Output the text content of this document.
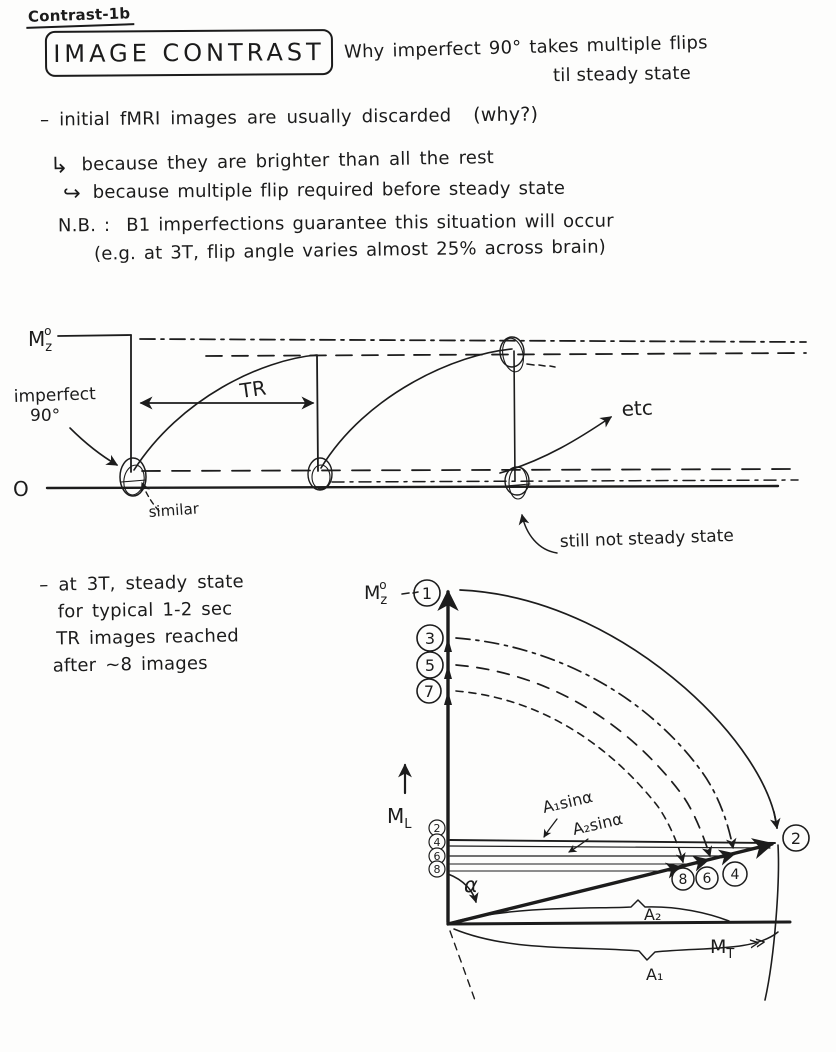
Contrast-1b
IMAGE CONTRAST Why imperfect 90° takes multiple flips
til steady state
– initial fMRI images are usually discarded (why?)
↳ because they are brighter than all the rest
↪ because multiple flip required before steady state
N.B. : B1 imperfections guarantee this situation will occur
(e.g. at 3T, flip angle varies almost 25% across brain)
– at 3T, steady state
for typical 1-2 sec
TR images reached
after ~8 images
$M_zo$
O
TR
imperfect
90°
similar
etc
still not steady state
$M_zo$
$M_L$
$M_T$
≫
α
A₁sinα
A₂sinα
A₂
A₁
1
3
5
7
2
4
6
8
8 6 4
2
